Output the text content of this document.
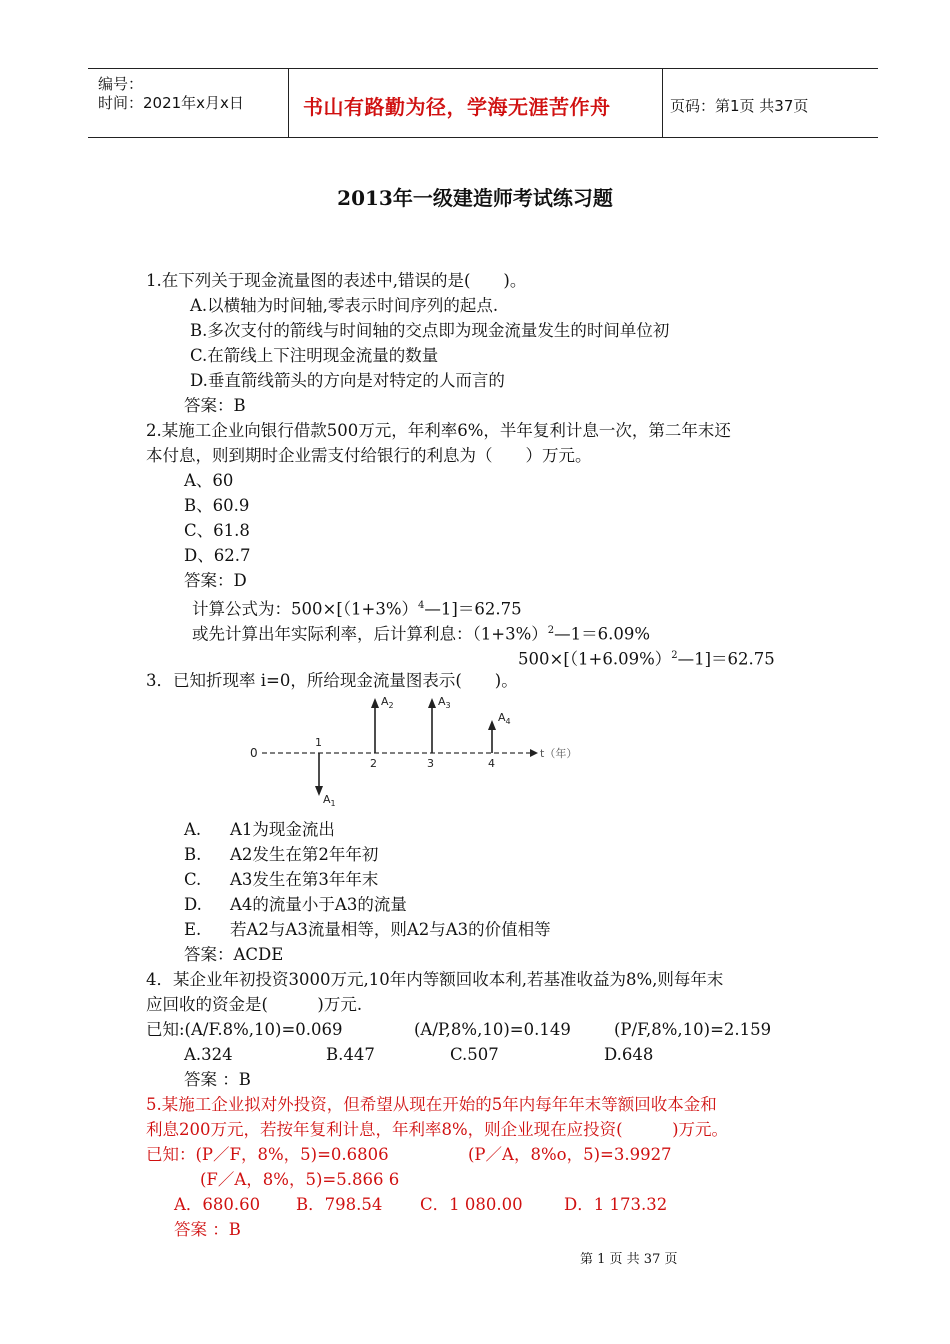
编号：
时间：2021年x月x日	书山有路勤为径，学海无涯苦作舟	页码：第1页 共37页
2013年一级建造师考试练习题
1.在下列关于现金流量图的表述中,错误的是(　　)。
A.以横轴为时间轴,零表示时间序列的起点.
B.多次支付的箭线与时间轴的交点即为现金流量发生的时间单位初
C.在箭线上下注明现金流量的数量
D.垂直箭线箭头的方向是对特定的人而言的
答案：B
2.某施工企业向银行借款500万元，年利率6%，半年复利计息一次，第二年末还
本付息，则到期时企业需支付给银行的利息为（　　）万元。
A、60
B、60.9
C、61.8
D、62.7
答案：D
计算公式为：$500\times[(1+3\%)^4—1]=62.75$
或先计算出年实际利率，后计算利息：$(1+3\%)^2—1=6.09\%$
$500\times[(1+6.09\%)^2—1]=62.75$
3．已知折现率 i=0，所给现金流量图表示(　　)。
0	t（年）
1
2	3	4
$A_1$
$A_2$	$A_3$
$A_4$
A. A1为现金流出
B. A2发生在第2年年初
C. A3发生在第3年年末
D. A4的流量小于A3的流量
E. 若A2与A3流量相等，则A2与A3的价值相等
答案：ACDE
4．某企业年初投资3000万元,10年内等额回收本利,若基准收益为8%,则每年末
应回收的资金是(　　　)万元.
已知:(A/F.8%,10)=0.069	(A/P,8%,10)=0.149	(P/F,8%,10)=2.159
A.324	B.447	C.507	D.648
答案 ：B
5.某施工企业拟对外投资，但希望从现在开始的5年内每年年末等额回收本金和
利息200万元，若按年复利计息，年利率8%，则企业现在应投资(　　　)万元。
已知：(P／F，8%，5)=0.6806	(P／A，8%o，5)=3.9927
(F／A，8%，5)=5.866 6
A．680.60 B．798.54 C．1 080.00	D．1 173.32
答案 ：B
第 1 页 共 37 页
